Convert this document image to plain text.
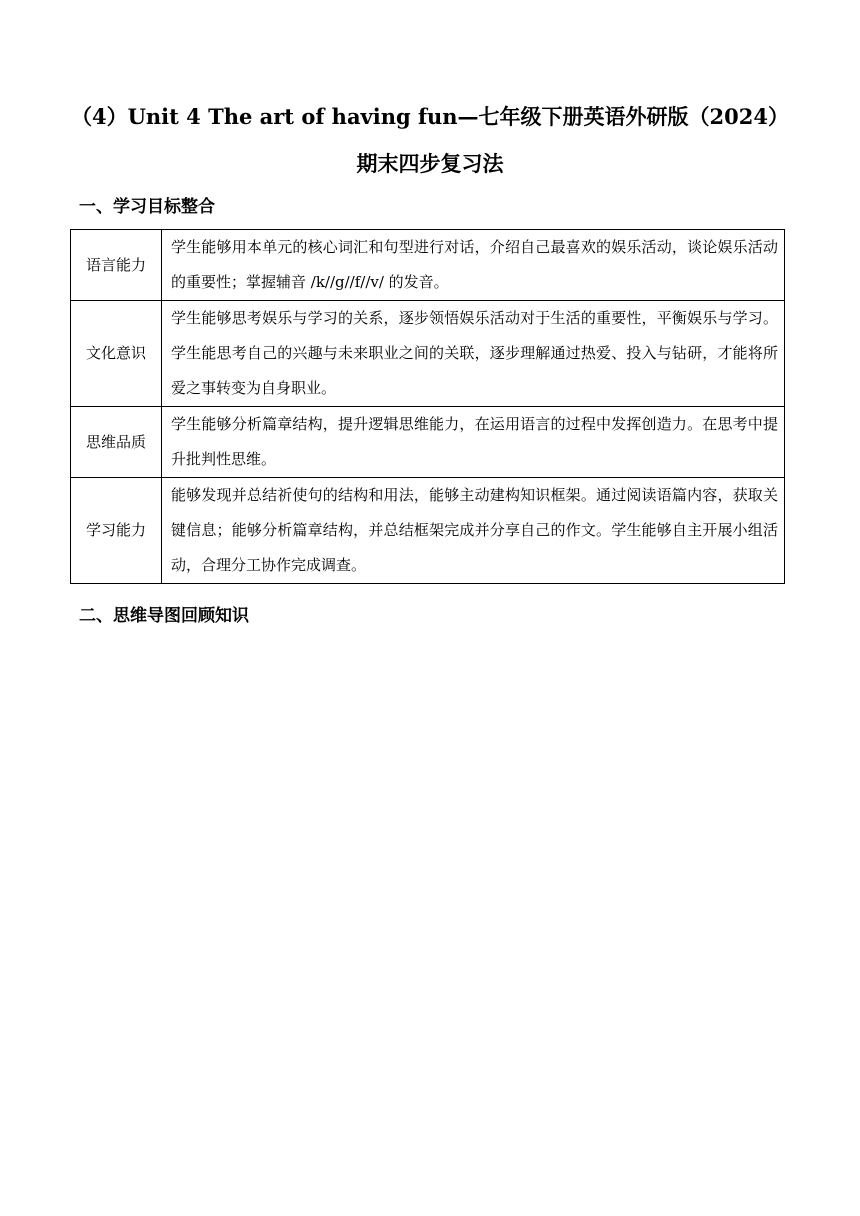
（4）Unit 4 The art of having fun—七年级下册英语外研版（2024）
期末四步复习法
一、学习目标整合
语言能力	学生能够用本单元的核心词汇和句型进行对话，介绍自己最喜欢的娱乐活动，谈论娱乐活动的重要性；掌握辅音 /k//g//f//v/ 的发音。
文化意识	学生能够思考娱乐与学习的关系，逐步领悟娱乐活动对于生活的重要性，平衡娱乐与学习。学生能思考自己的兴趣与未来职业之间的关联，逐步理解通过热爱、投入与钻研，才能将所爱之事转变为自身职业。
思维品质	学生能够分析篇章结构，提升逻辑思维能力，在运用语言的过程中发挥创造力。在思考中提升批判性思维。
学习能力	能够发现并总结祈使句的结构和用法，能够主动建构知识框架。通过阅读语篇内容，获取关键信息；能够分析篇章结构，并总结框架完成并分享自己的作文。学生能够自主开展小组活动，合理分工协作完成调查。
二、思维导图回顾知识
